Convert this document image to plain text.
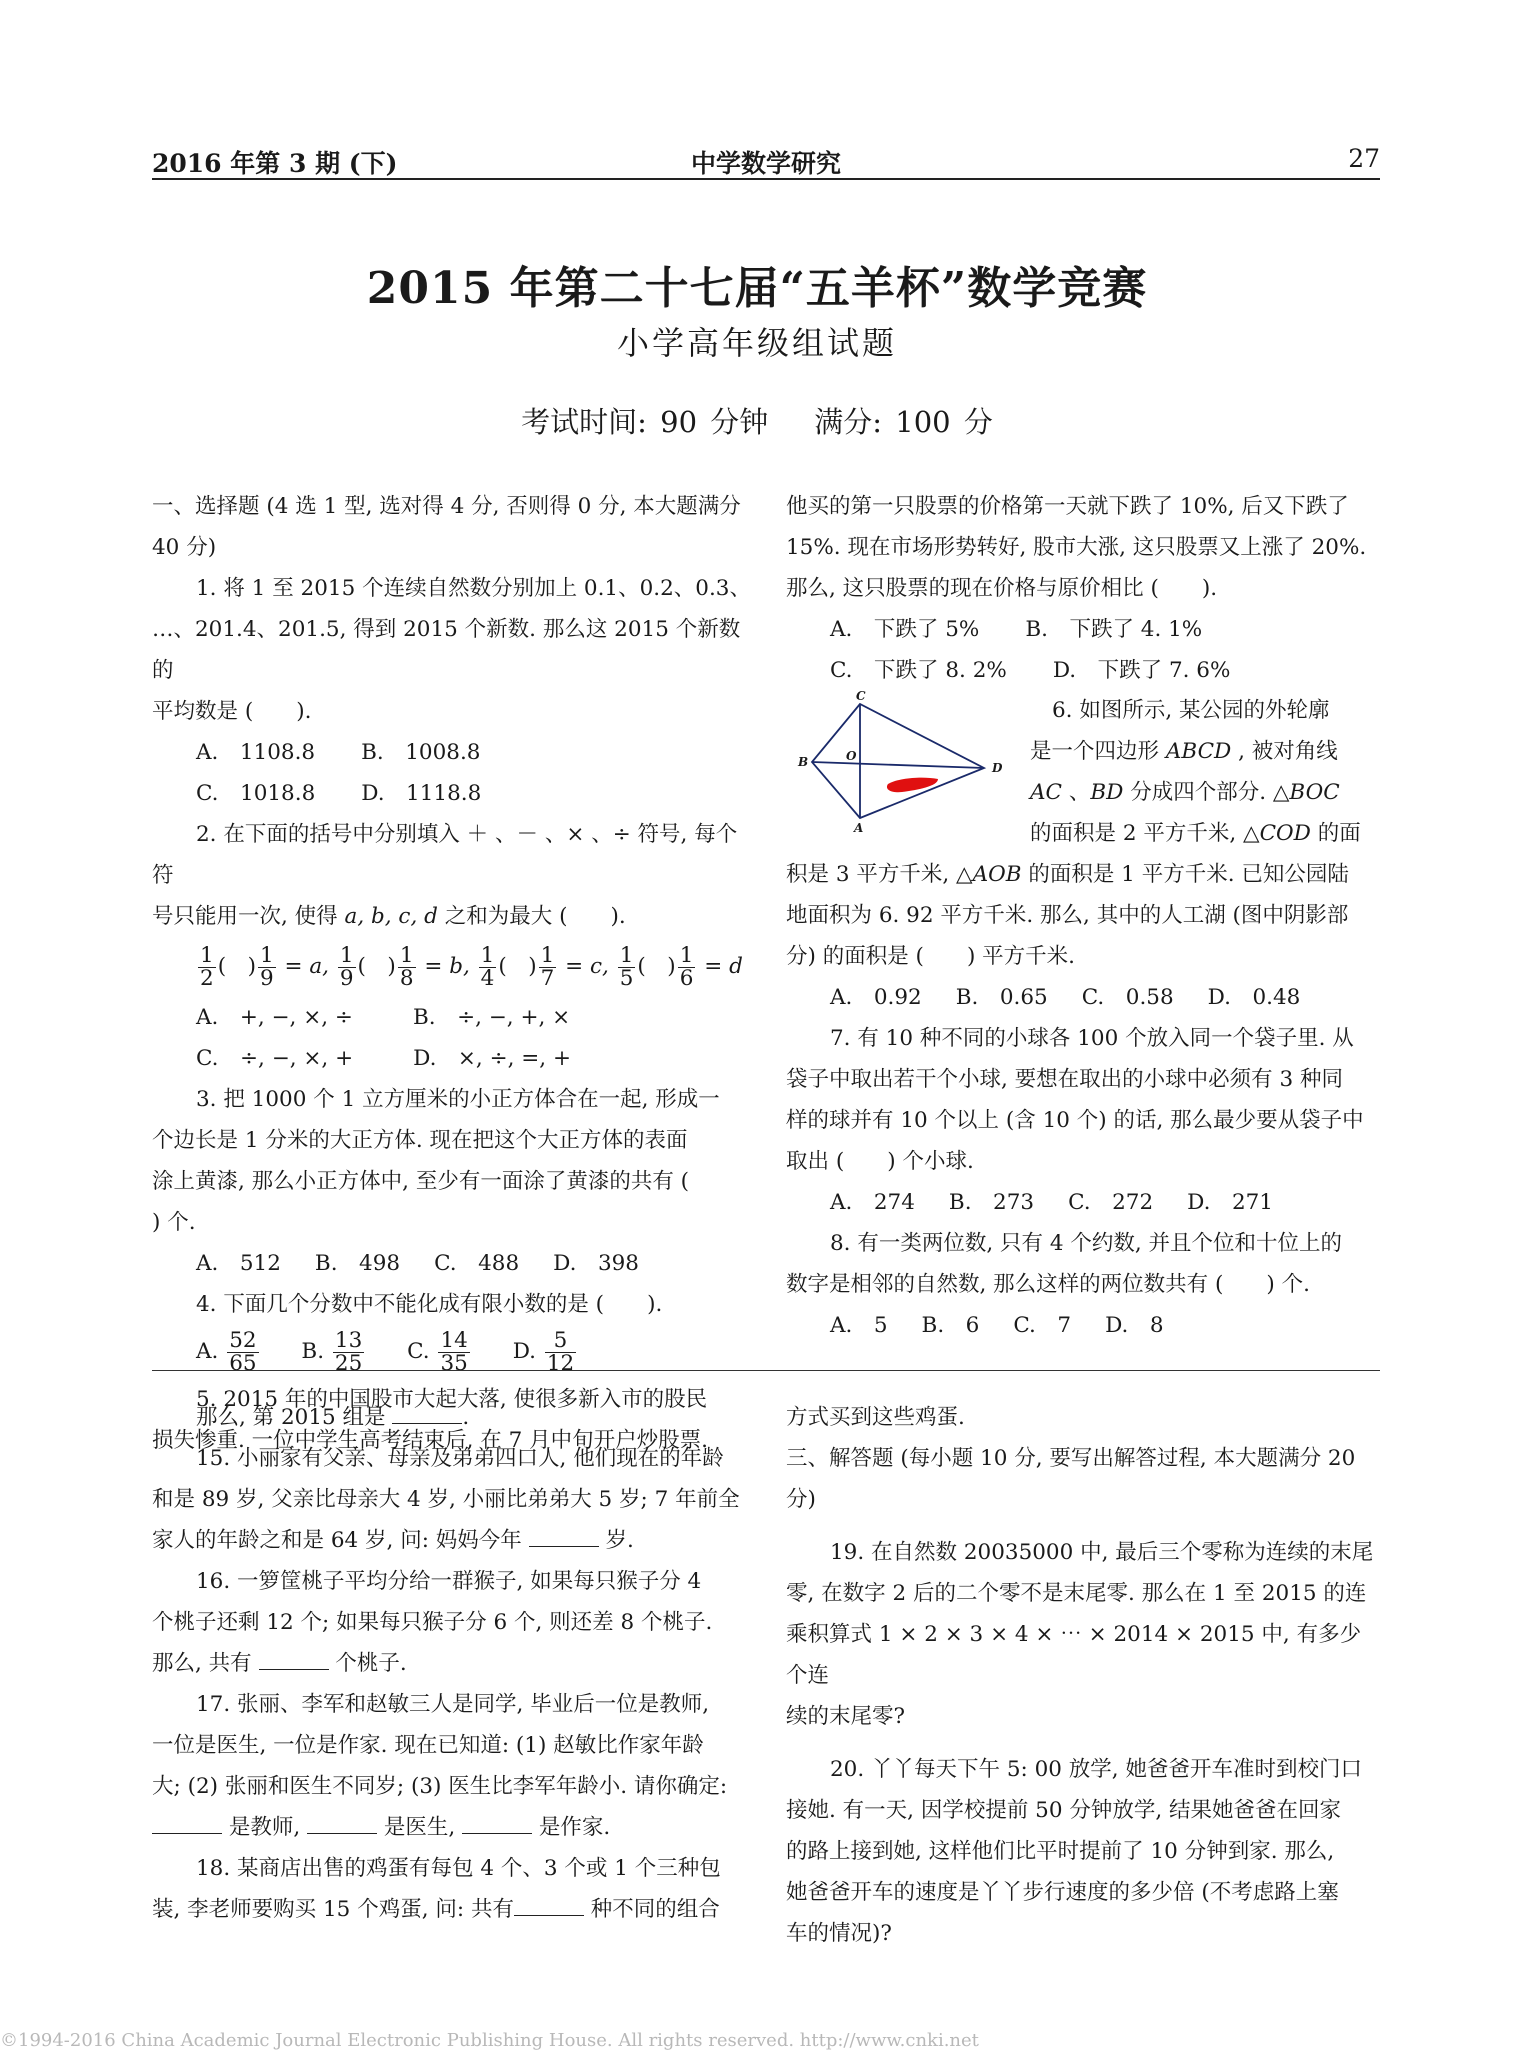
2016 年第 3 期 (下)	中学数学研究	27
2015 年第二十七届“五羊杯”数学竞赛
小学高年级组试题
考试时间: 90 分钟 满分: 100 分

一、选择题 (4 选 1 型, 选对得 4 分, 否则得 0 分, 本大题满分

40 分)

1. 将 1 至 2015 个连续自然数分别加上 0.1、0.2、0.3、

…、201.4、201.5, 得到 2015 个新数. 那么这 2015 个新数的

平均数是 (　　).

A.　1108.8 B.　1008.8

C.　1018.8 D.　1118.8

2. 在下面的括号中分别填入 ＋ 、－ 、× 、÷ 符号, 每个符

号只能用一次, 使得 a, b, c, d 之和为最大 (　　).

$\frac{1}{2}$ (　) $\frac{1}{9} = a$, $\frac{1}{9}$ (　) $\frac{1}{8} = b$, $\frac{1}{4}$ (　) $\frac{1}{7} = c$, $\frac{1}{5}$ (　) $\frac{1}{6} = d$

A.　+, −, ×, ÷	B.　÷, −, +, ×

C.　÷, −, ×, +	D.　×, ÷, =, +

3. 把 1000 个 1 立方厘米的小正方体合在一起, 形成一

个边长是 1 分米的大正方体. 现在把这个大正方体的表面

涂上黄漆, 那么小正方体中, 至少有一面涂了黄漆的共有 (

) 个.

A.　512 B.　498 C.　488 D.　398

4. 下面几个分数中不能化成有限小数的是 (　　).

A. $\frac{52}{65} B$. $\frac{13}{25} C$. $\frac{14}{35} D$. $\frac{5}{12}$

5. 2015 年的中国股市大起大落, 使很多新入市的股民

损失惨重. 一位中学生高考结束后, 在 7 月中旬开户炒股票.

他买的第一只股票的价格第一天就下跌了 10%, 后又下跌了

15%. 现在市场形势转好, 股市大涨, 这只股票又上涨了 20%.

那么, 这只股票的现在价格与原价相比 (　　).

A.　下跌了 5% B.　下跌了 4. 1%

C.　下跌了 8. 2% D.　下跌了 7. 6%

C
B	O
D
A

6. 如图所示, 某公园的外轮廓

是一个四边形 ABCD , 被对角线

AC 、BD 分成四个部分. △BOC

的面积是 2 平方千米, △COD 的面

积是 3 平方千米, △AOB 的面积是 1 平方千米. 已知公园陆

地面积为 6. 92 平方千米. 那么, 其中的人工湖 (图中阴影部

分) 的面积是 (　　) 平方千米.

A.　0.92 B.　0.65 C.　0.58 D.　0.48

7. 有 10 种不同的小球各 100 个放入同一个袋子里. 从

袋子中取出若干个小球, 要想在取出的小球中必须有 3 种同

样的球并有 10 个以上 (含 10 个) 的话, 那么最少要从袋子中

取出 (　　) 个小球.

A.　274 B.　273 C.　272 D.　271

8. 有一类两位数, 只有 4 个约数, 并且个位和十位上的

数字是相邻的自然数, 那么这样的两位数共有 (　　) 个.

A.　5 B.　6 C.　7 D.　8

那么, 第 2015 组是	.

15. 小丽家有父亲、母亲及弟弟四口人, 他们现在的年龄

和是 89 岁, 父亲比母亲大 4 岁, 小丽比弟弟大 5 岁; 7 年前全

家人的年龄之和是 64 岁, 问: 妈妈今年	岁.

16. 一箩筐桃子平均分给一群猴子, 如果每只猴子分 4

个桃子还剩 12 个; 如果每只猴子分 6 个, 则还差 8 个桃子.

那么, 共有	个桃子.

17. 张丽、李军和赵敏三人是同学, 毕业后一位是教师,

一位是医生, 一位是作家. 现在已知道: (1) 赵敏比作家年龄

大; (2) 张丽和医生不同岁; (3) 医生比李军年龄小. 请你确定:

是教师,	是医生,	是作家.

18. 某商店出售的鸡蛋有每包 4 个、3 个或 1 个三种包

装, 李老师要购买 15 个鸡蛋, 问: 共有	种不同的组合

方式买到这些鸡蛋.

三、解答题 (每小题 10 分, 要写出解答过程, 本大题满分 20

分)

19. 在自然数 20035000 中, 最后三个零称为连续的末尾

零, 在数字 2 后的二个零不是末尾零. 那么在 1 至 2015 的连

乘积算式 1 × 2 × 3 × 4 × ⋯ × 2014 × 2015 中, 有多少个连

续的末尾零?

20. 丫丫每天下午 5: 00 放学, 她爸爸开车准时到校门口

接她. 有一天, 因学校提前 50 分钟放学, 结果她爸爸在回家

的路上接到她, 这样他们比平时提前了 10 分钟到家. 那么,

她爸爸开车的速度是丫丫步行速度的多少倍 (不考虑路上塞

车的情况)?

©1994-2016 China Academic Journal Electronic Publishing House. All rights reserved. http://www.cnki.net
